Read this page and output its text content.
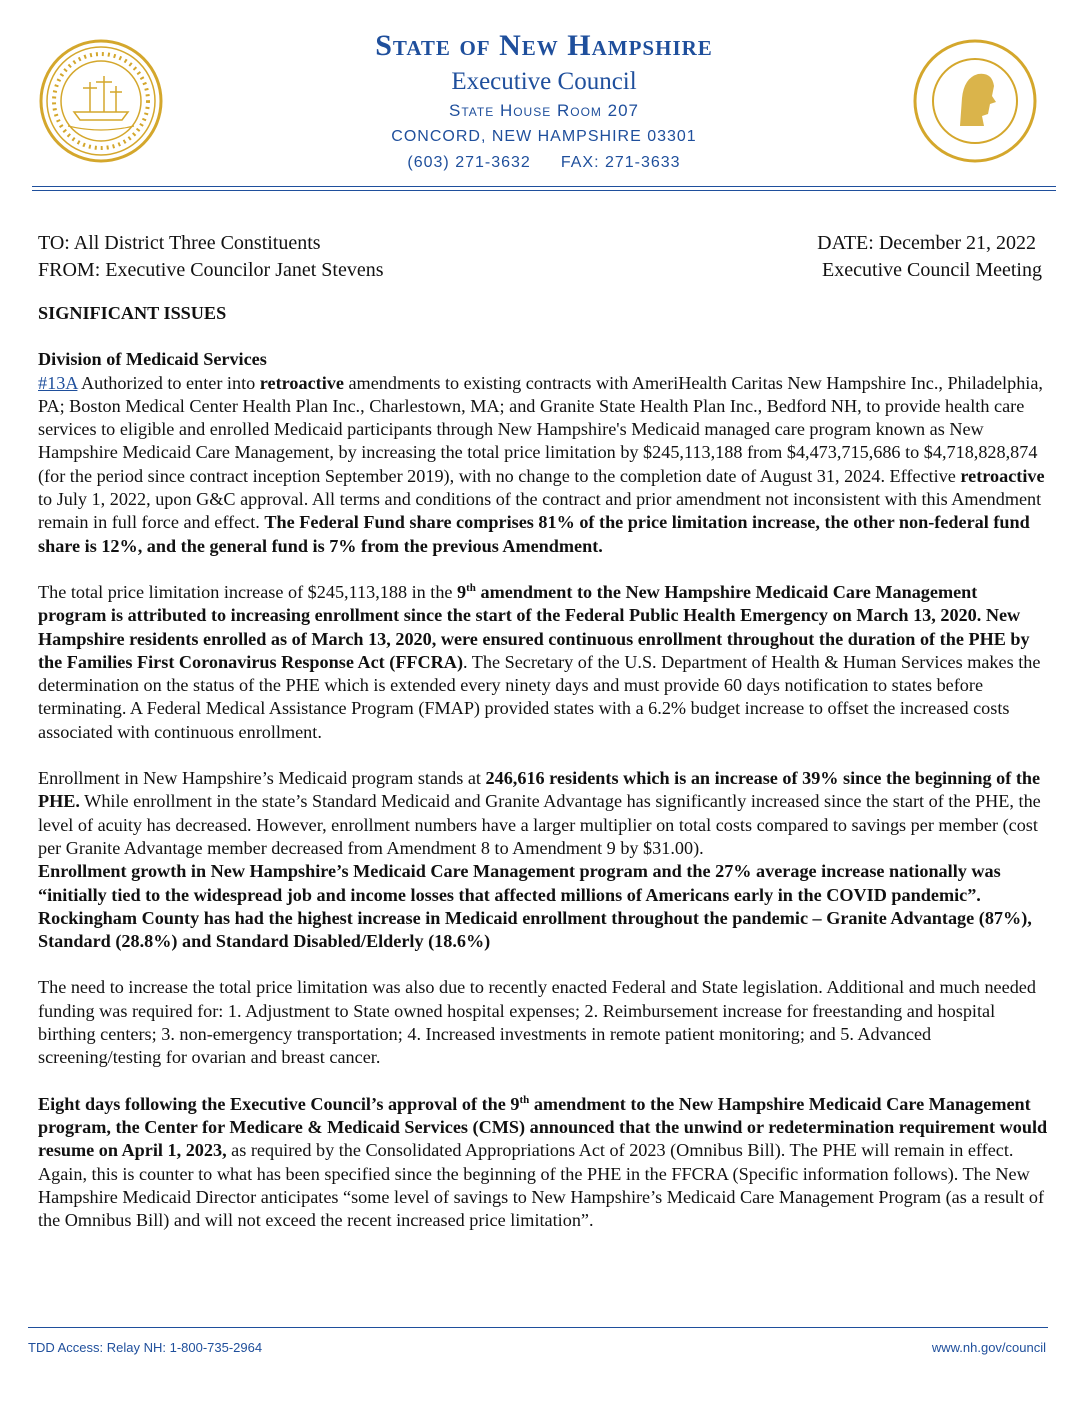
State of New Hampshire
Executive Council
State House Room 207
CONCORD, NEW HAMPSHIRE 03301
(603) 271-3632 FAX: 271-3633
TO: All District Three Constituents	DATE: December 21, 2022
FROM: Executive Councilor Janet Stevens	Executive Council Meeting

SIGNIFICANT ISSUES

Division of Medicaid Services

#13A Authorized to enter into retroactive amendments to existing contracts with AmeriHealth Caritas New Hampshire Inc., Philadelphia, PA; Boston Medical Center Health Plan Inc., Charlestown, MA; and Granite State Health Plan Inc., Bedford NH, to provide health care services to eligible and enrolled Medicaid participants through New Hampshire's Medicaid managed care program known as New Hampshire Medicaid Care Management, by increasing the total price limitation by $245,113,188 from $4,473,715,686 to $4,718,828,874 (for the period since contract inception September 2019), with no change to the completion date of August 31, 2024. Effective retroactive to July 1, 2022, upon G&C approval. All terms and conditions of the contract and prior amendment not inconsistent with this Amendment remain in full force and effect. The Federal Fund share comprises 81% of the price limitation increase, the other non-federal fund share is 12%, and the general fund is 7% from the previous Amendment.

The total price limitation increase of $245,113,188 in the 9th amendment to the New Hampshire Medicaid Care Management program is attributed to increasing enrollment since the start of the Federal Public Health Emergency on March 13, 2020. New Hampshire residents enrolled as of March 13, 2020, were ensured continuous enrollment throughout the duration of the PHE by the Families First Coronavirus Response Act (FFCRA). The Secretary of the U.S. Department of Health & Human Services makes the determination on the status of the PHE which is extended every ninety days and must provide 60 days notification to states before terminating. A Federal Medical Assistance Program (FMAP) provided states with a 6.2% budget increase to offset the increased costs associated with continuous enrollment.

Enrollment in New Hampshire’s Medicaid program stands at 246,616 residents which is an increase of 39% since the beginning of the PHE. While enrollment in the state’s Standard Medicaid and Granite Advantage has significantly increased since the start of the PHE, the level of acuity has decreased. However, enrollment numbers have a larger multiplier on total costs compared to savings per member (cost per Granite Advantage member decreased from Amendment 8 to Amendment 9 by $31.00).

Enrollment growth in New Hampshire’s Medicaid Care Management program and the 27% average increase nationally was “initially tied to the widespread job and income losses that affected millions of Americans early in the COVID pandemic”. Rockingham County has had the highest increase in Medicaid enrollment throughout the pandemic – Granite Advantage (87%), Standard (28.8%) and Standard Disabled/Elderly (18.6%)

The need to increase the total price limitation was also due to recently enacted Federal and State legislation. Additional and much needed funding was required for: 1. Adjustment to State owned hospital expenses; 2. Reimbursement increase for freestanding and hospital birthing centers; 3. non-emergency transportation; 4. Increased investments in remote patient monitoring; and 5. Advanced screening/testing for ovarian and breast cancer.

Eight days following the Executive Council’s approval of the 9th amendment to the New Hampshire Medicaid Care Management program, the Center for Medicare & Medicaid Services (CMS) announced that the unwind or redetermination requirement would resume on April 1, 2023, as required by the Consolidated Appropriations Act of 2023 (Omnibus Bill). The PHE will remain in effect. Again, this is counter to what has been specified since the beginning of the PHE in the FFCRA (Specific information follows). The New Hampshire Medicaid Director anticipates “some level of savings to New Hampshire’s Medicaid Care Management Program (as a result of the Omnibus Bill) and will not exceed the recent increased price limitation”.

TDD Access: Relay NH: 1-800-735-2964	www.nh.gov/council
